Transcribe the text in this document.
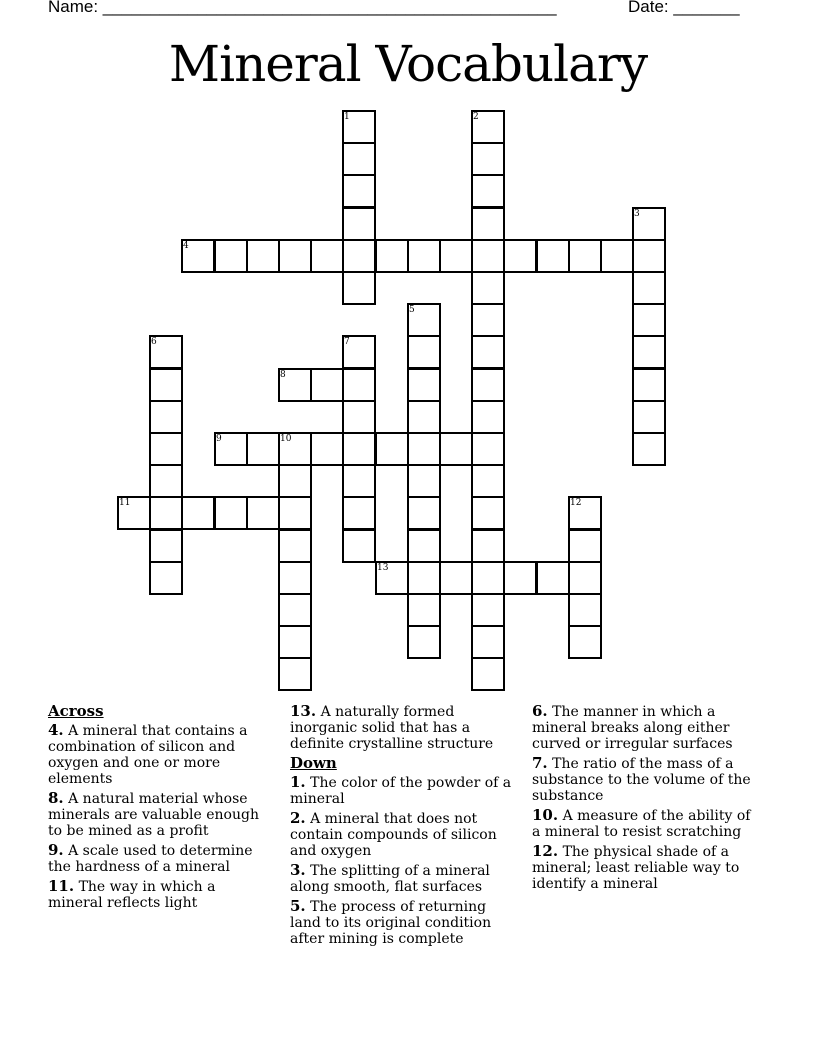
Name: ________________________________________________	Date: _______
Mineral Vocabulary
1	2
3
4
5
6	7
8
9	10
11	12
13
Across
4. A mineral that contains a combination of silicon and oxygen and one or more elements
8. A natural material whose minerals are valuable enough to be mined as a profit
9. A scale used to determine the hardness of a mineral
11. The way in which a mineral reflects light
13. A naturally formed inorganic solid that has a definite crystalline structure
Down
1. The color of the powder of a mineral
2. A mineral that does not contain compounds of silicon and oxygen
3. The splitting of a mineral along smooth, flat surfaces
5. The process of returning land to its original condition after mining is complete
6. The manner in which a mineral breaks along either curved or irregular surfaces
7. The ratio of the mass of a substance to the volume of the substance
10. A measure of the ability of a mineral to resist scratching
12. The physical shade of a mineral; least reliable way to identify a mineral
